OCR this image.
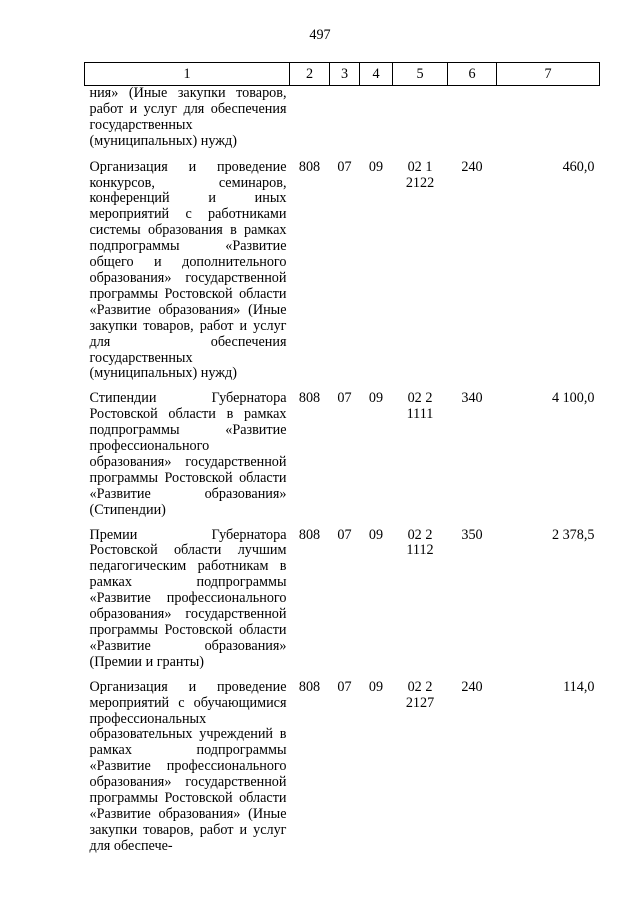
497
1	2	3	4	5	6	7
ния» (Иные закупки товаров, работ и услуг для обеспечения государственных (муниципальных) нужд)						
Организация и проведение конкурсов, семинаров, конференций и иных мероприятий с работниками системы образования в рамках подпрограммы «Развитие общего и дополнительного образования» государственной программы Ростовской области «Развитие образования» (Иные закупки товаров, работ и услуг для обеспечения государственных (муниципальных) нужд)	808	07	09	02 1 2122	240	460,0
Стипендии Губернатора Ростовской области в рамках подпрограммы «Развитие профессионального образования» государственной программы Ростовской области «Развитие образования» (Стипендии)	808	07	09	02 2 1111	340	4 100,0
Премии Губернатора Ростовской области лучшим педагогическим работникам в рамках подпрограммы «Развитие профессионального образования» государственной программы Ростовской области «Развитие образования» (Премии и гранты)	808	07	09	02 2 1112	350	2 378,5
Организация и проведение мероприятий с обучающимися профессиональных образовательных учреждений в рамках подпрограммы «Развитие профессионального образования» государственной программы Ростовской области «Развитие образования» (Иные закупки товаров, работ и услуг для обеспече-	808	07	09	02 2 2127	240	114,0
